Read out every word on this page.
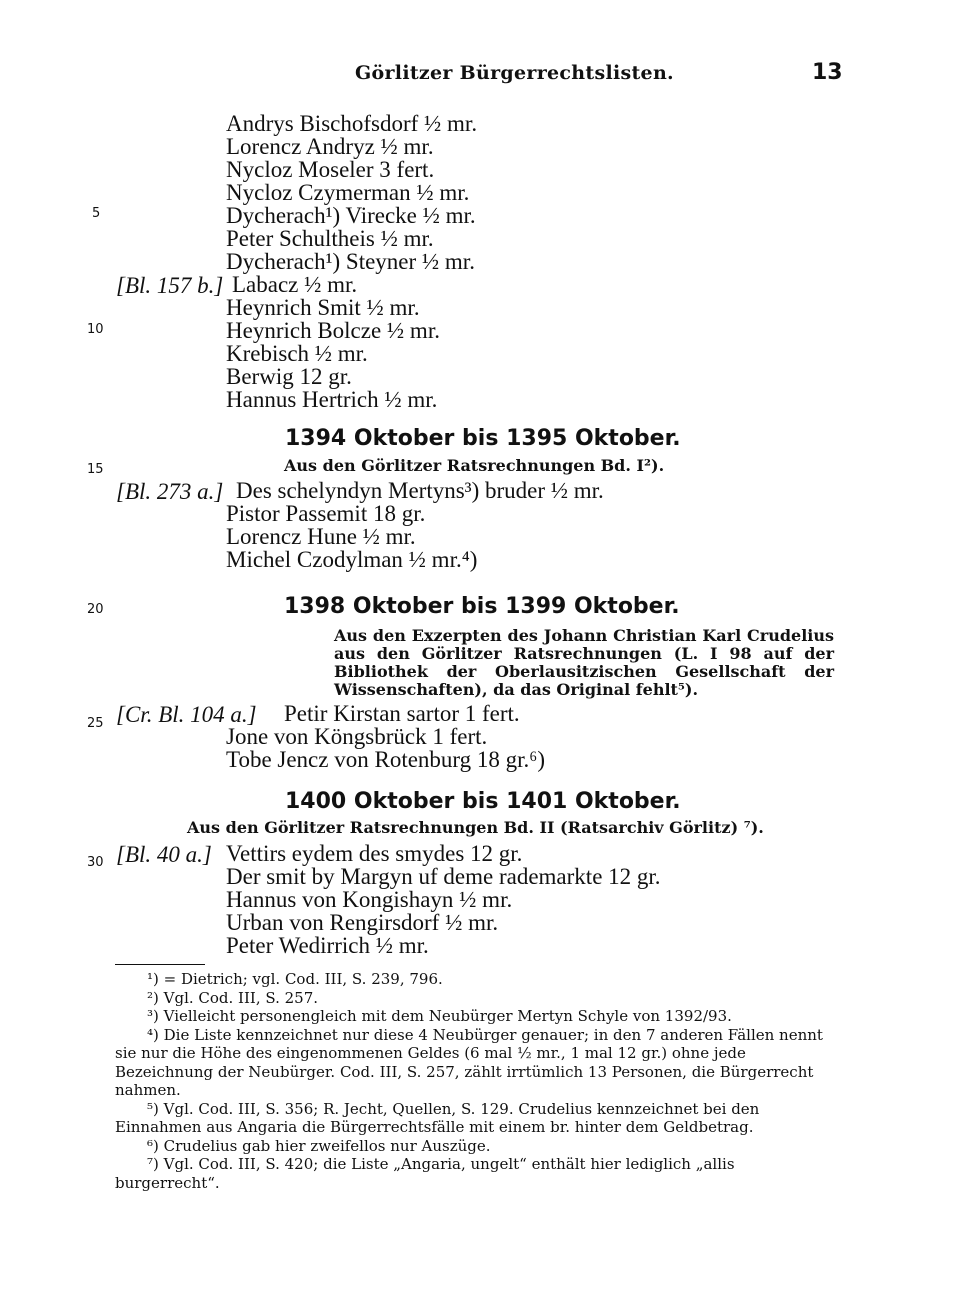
Görlitzer Bürgerrechtslisten.	13
5
10
15
20
25
30
Andrys Bischofsdorf ½ mr.
Lorencz Andryz ½ mr.
Nycloz Moseler 3 fert.
Nycloz Czymerman ½ mr.
Dycherach¹) Virecke ½ mr.
Peter Schultheis ½ mr.
Dycherach¹) Steyner ½ mr.
[Bl. 157 b.] Labacz ½ mr.
Heynrich Smit ½ mr.
Heynrich Bolcze ½ mr.
Krebisch ½ mr.
Berwig 12 gr.
Hannus Hertrich ½ mr.
1394 Oktober bis 1395 Oktober.
Aus den Görlitzer Ratsrechnungen Bd. I²).
[Bl. 273 a.] Des schelyndyn Mertyns³) bruder ½ mr.
Pistor Passemit 18 gr.
Lorencz Hune ½ mr.
Michel Czodylman ½ mr.⁴)
1398 Oktober bis 1399 Oktober.
Aus den Exzerpten des Johann Christian Karl Crudelius aus den Görlitzer Ratsrechnungen (L. I 98 auf der Bibliothek der Oberlausitzischen Gesellschaft der Wissenschaften), da das Original fehlt⁵).
[Cr. Bl. 104 a.] Petir Kirstan sartor 1 fert.
Jone von Köngsbrück 1 fert.
Tobe Jencz von Rotenburg 18 gr.⁶)
1400 Oktober bis 1401 Oktober.
Aus den Görlitzer Ratsrechnungen Bd. II (Ratsarchiv Görlitz) ⁷).
[Bl. 40 a.] Vettirs eydem des smydes 12 gr.
Der smit by Margyn uf deme rademarkte 12 gr.
Hannus von Kongishayn ½ mr.
Urban von Rengirsdorf ½ mr.
Peter Wedirrich ½ mr.

¹) = Dietrich; vgl. Cod. III, S. 239, 796.

²) Vgl. Cod. III, S. 257.

³) Vielleicht personengleich mit dem Neubürger Mertyn Schyle von 1392/93.

⁴) Die Liste kennzeichnet nur diese 4 Neubürger genauer; in den 7 anderen Fällen nennt sie nur die Höhe des eingenommenen Geldes (6 mal ½ mr., 1 mal 12 gr.) ohne jede Bezeichnung der Neubürger. Cod. III, S. 257, zählt irrtümlich 13 Personen, die Bürgerrecht nahmen.

⁵) Vgl. Cod. III, S. 356; R. Jecht, Quellen, S. 129. Crudelius kennzeichnet bei den Einnahmen aus Angaria die Bürgerrechtsfälle mit einem br. hinter dem Geldbetrag.

⁶) Crudelius gab hier zweifellos nur Auszüge.

⁷) Vgl. Cod. III, S. 420; die Liste „Angaria, ungelt“ enthält hier lediglich „allis burgerrecht“.
